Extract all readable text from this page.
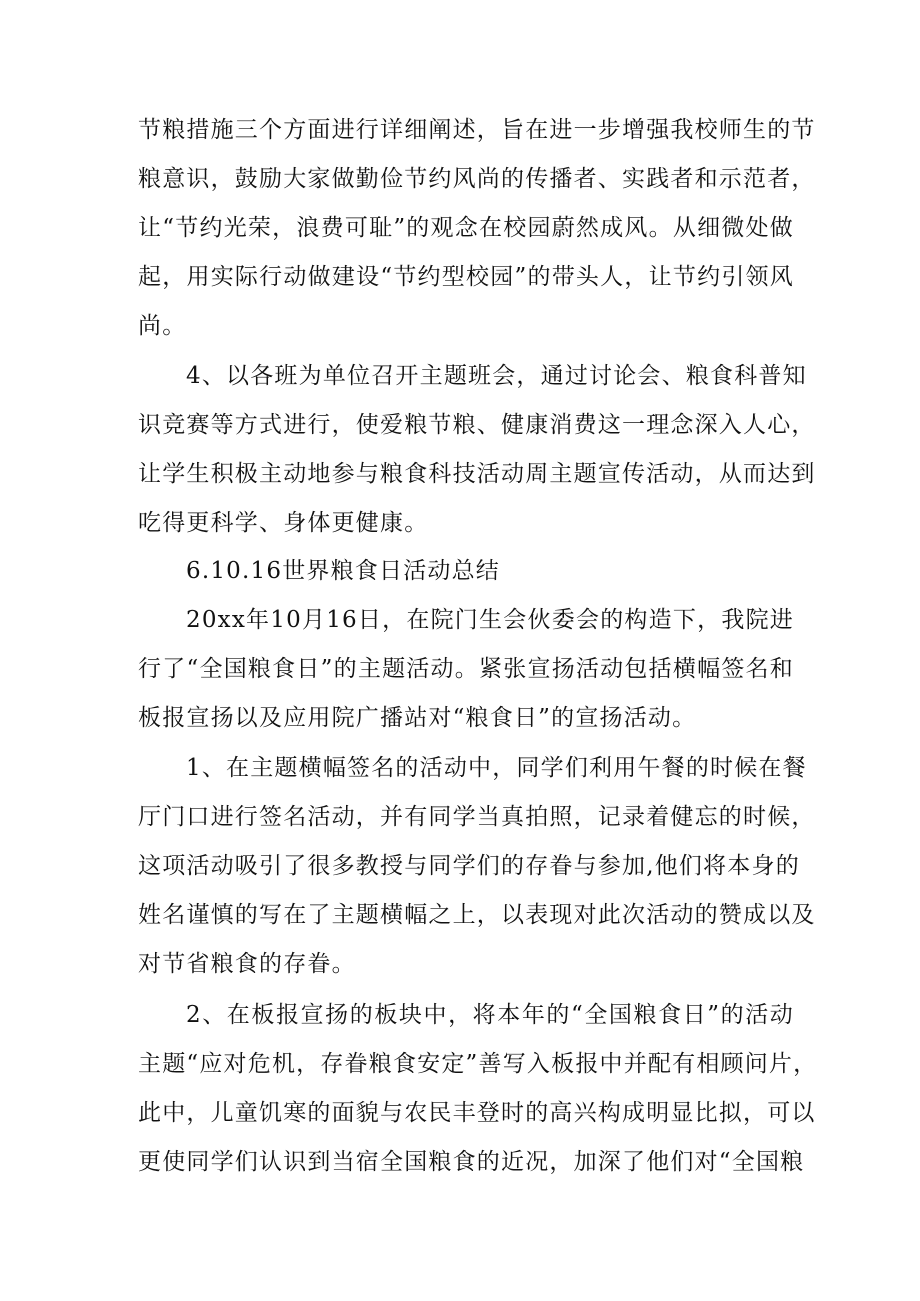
节粮措施三个方面进行详细阐述，旨在进一步增强我校师生的节
粮意识，鼓励大家做勤俭节约风尚的传播者、实践者和示范者，
让“节约光荣，浪费可耻”的观念在校园蔚然成风。从细微处做
起，用实际行动做建设“节约型校园”的带头人，让节约引领风
尚。
4、以各班为单位召开主题班会，通过讨论会、粮食科普知
识竞赛等方式进行，使爱粮节粮、健康消费这一理念深入人心，
让学生积极主动地参与粮食科技活动周主题宣传活动，从而达到
吃得更科学、身体更健康。
6.10.16世界粮食日活动总结
20xx年10月16日，在院门生会伙委会的构造下，我院进
行了“全国粮食日”的主题活动。紧张宣扬活动包括横幅签名和
板报宣扬以及应用院广播站对“粮食日”的宣扬活动。
1、在主题横幅签名的活动中，同学们利用午餐的时候在餐
厅门口进行签名活动，并有同学当真拍照，记录着健忘的时候，
这项活动吸引了很多教授与同学们的存眷与参加,他们将本身的
姓名谨慎的写在了主题横幅之上，以表现对此次活动的赞成以及
对节省粮食的存眷。
2、在板报宣扬的板块中，将本年的“全国粮食日”的活动
主题“应对危机，存眷粮食安定”善写入板报中并配有相顾问片，
此中，儿童饥寒的面貌与农民丰登时的高兴构成明显比拟，可以
更使同学们认识到当宿全国粮食的近况，加深了他们对“全国粮
